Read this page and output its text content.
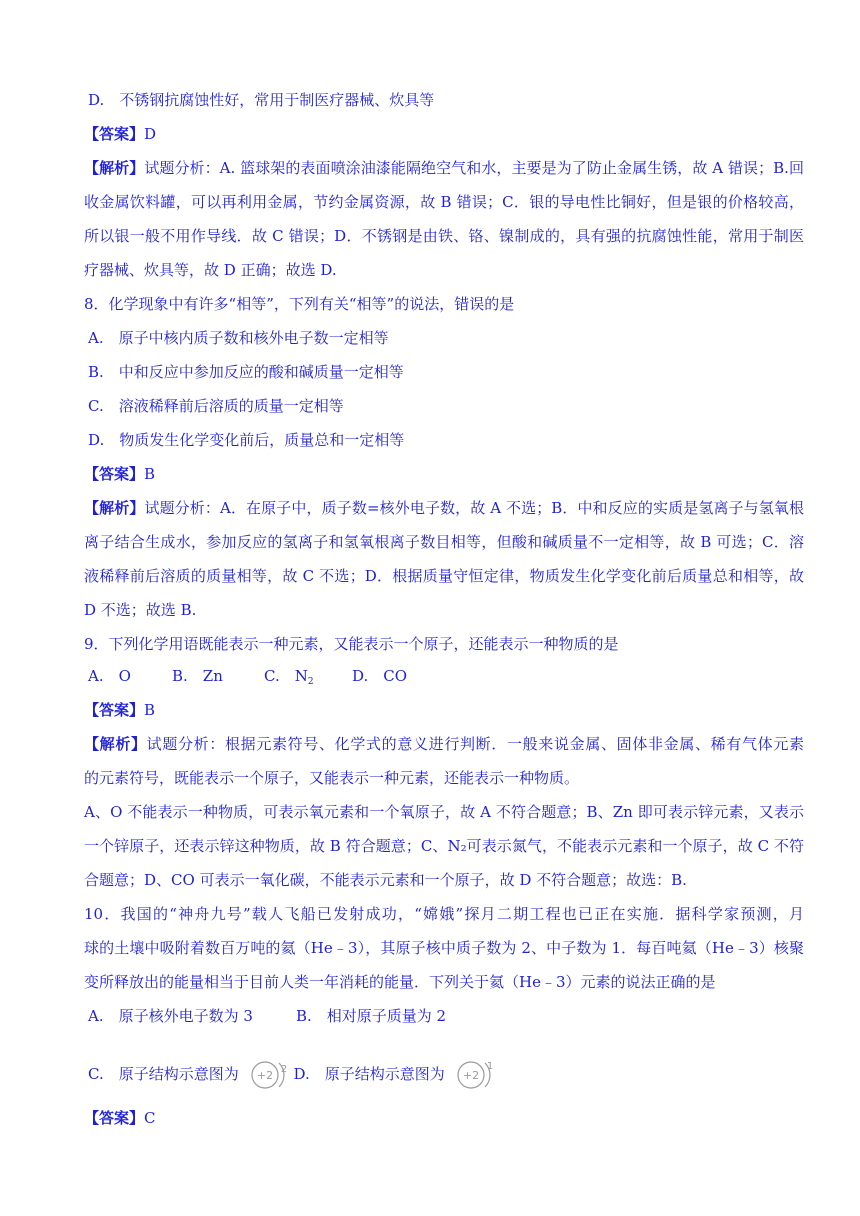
D.　不锈钢抗腐蚀性好，常用于制医疗器械、炊具等
【答案】D
【解析】试题分析：A. 篮球架的表面喷涂油漆能隔绝空气和水，主要是为了防止金属生锈，故 A 错误；B.回
收金属饮料罐，可以再利用金属，节约金属资源，故 B 错误；C．银的导电性比铜好，但是银的价格较高，
所以银一般不用作导线．故 C 错误；D．不锈钢是由铁、铬、镍制成的，具有强的抗腐蚀性能，常用于制医
疗器械、炊具等，故 D 正确；故选 D.
8．化学现象中有许多“相等”，下列有关“相等”的说法，错误的是
A.　原子中核内质子数和核外电子数一定相等
B.　中和反应中参加反应的酸和碱质量一定相等
C.　溶液稀释前后溶质的质量一定相等
D.　物质发生化学变化前后，质量总和一定相等
【答案】B
【解析】试题分析：A．在原子中，质子数=核外电子数，故 A 不选；B．中和反应的实质是氢离子与氢氧根
离子结合生成水，参加反应的氢离子和氢氧根离子数目相等，但酸和碱质量不一定相等，故 B 可选；C．溶
液稀释前后溶质的质量相等，故 C 不选；D．根据质量守恒定律，物质发生化学变化前后质量总和相等，故
D 不选；故选 B.
9．下列化学用语既能表示一种元素，又能表示一个原子，还能表示一种物质的是
A.　O	B.　Zn	C.　N2	D.　CO
【答案】B
【解析】试题分析：根据元素符号、化学式的意义进行判断．一般来说金属、固体非金属、稀有气体元素
的元素符号，既能表示一个原子，又能表示一种元素，还能表示一种物质。
A、O 不能表示一种物质，可表示氧元素和一个氧原子，故 A 不符合题意；B、Zn 即可表示锌元素，又表示
一个锌原子，还表示锌这种物质，故 B 符合题意；C、N₂可表示氮气，不能表示元素和一个原子，故 C 不符
合题意；D、CO 可表示一氧化碳，不能表示元素和一个原子，故 D 不符合题意；故选：B.
10．我国的“神舟九号”载人飞船已发射成功，“嫦娥”探月二期工程也已正在实施．据科学家预测，月
球的土壤中吸附着数百万吨的氦（He﹣3），其原子核中质子数为 2、中子数为 1．每百吨氦（He﹣3）核聚
变所释放出的能量相当于目前人类一年消耗的能量．下列关于氦（He﹣3）元素的说法正确的是
A.　原子核外电子数为 3	B.　相对原子质量为 2
C.　原子结构示意图为 +2 2 D.　原子结构示意图为 +2
1
【答案】C
